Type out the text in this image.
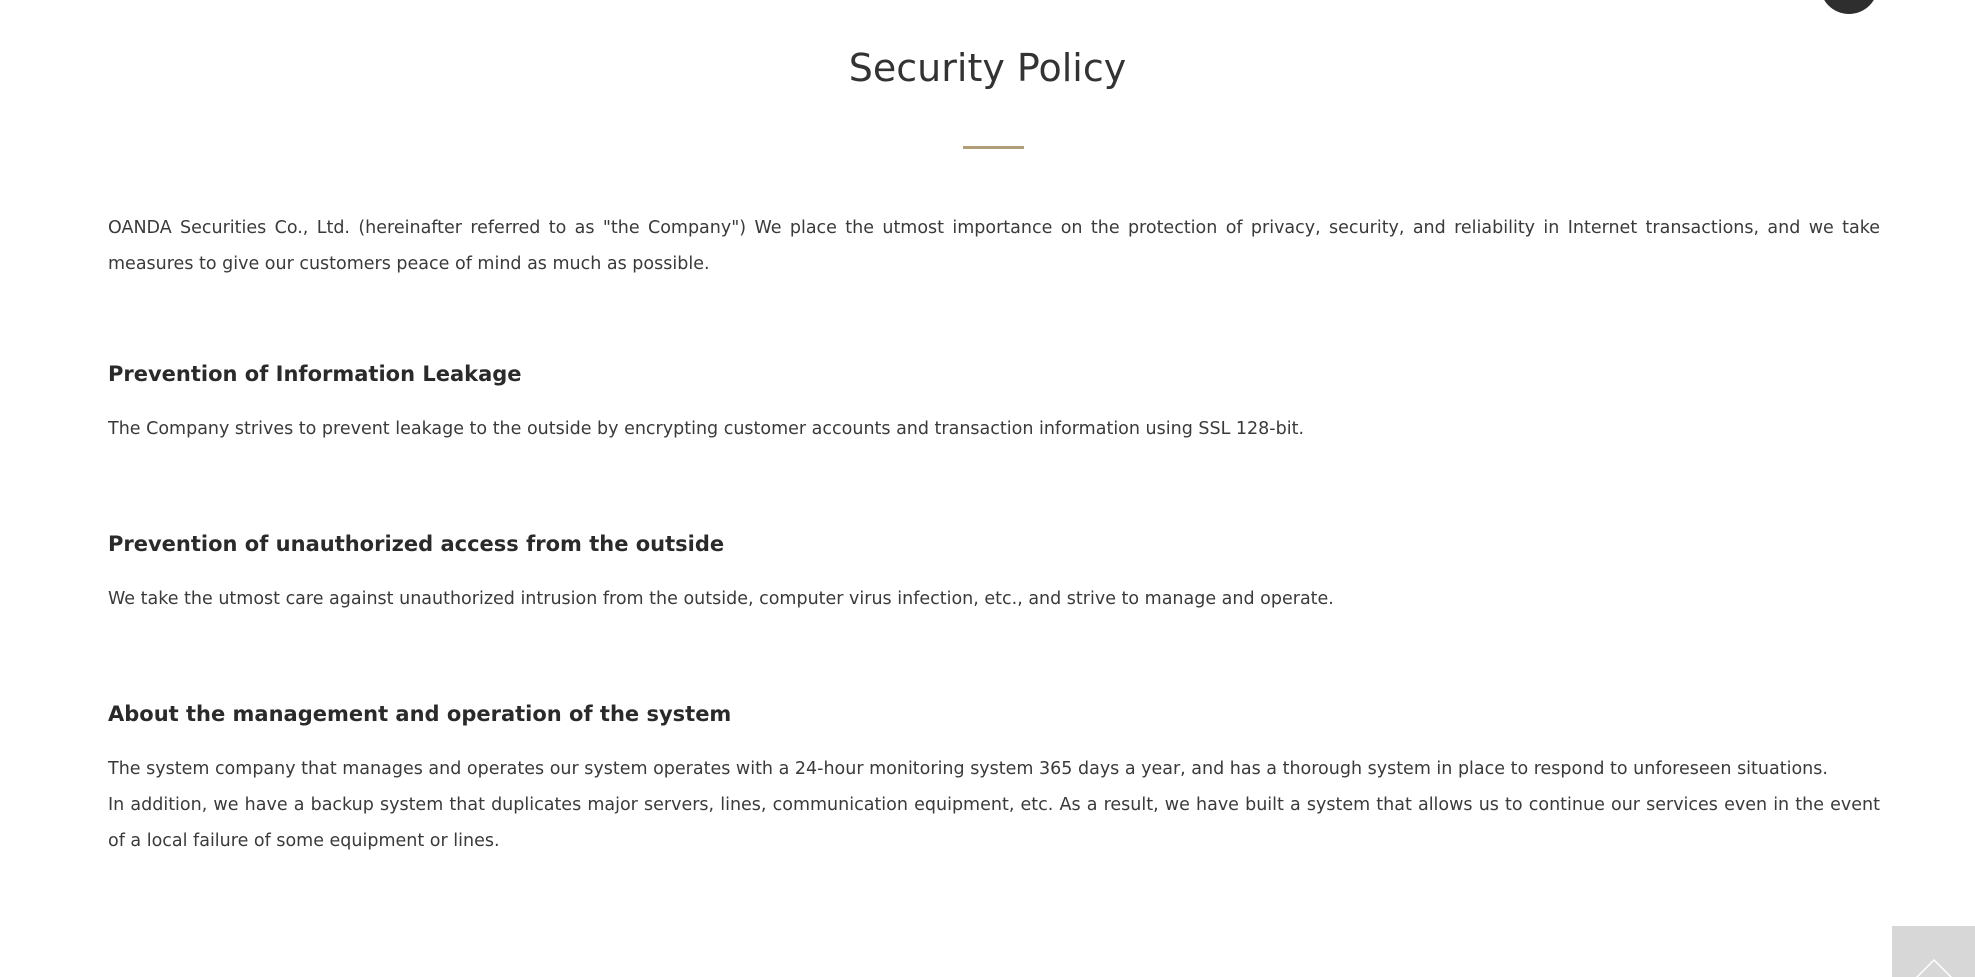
Security Policy

OANDA Securities Co., Ltd. (hereinafter referred to as "the Company") We place the utmost importance on the protection of privacy, security, and reliability in Internet transactions, and we take measures to give our customers peace of mind as much as possible.

Prevention of Information Leakage

The Company strives to prevent leakage to the outside by encrypting customer accounts and transaction information using SSL 128-bit.

Prevention of unauthorized access from the outside

We take the utmost care against unauthorized intrusion from the outside, computer virus infection, etc., and strive to manage and operate.

About the management and operation of the system

The system company that manages and operates our system operates with a 24-hour monitoring system 365 days a year, and has a thorough system in place to respond to unforeseen situations.

In addition, we have a backup system that duplicates major servers, lines, communication equipment, etc. As a result, we have built a system that allows us to continue our services even in the event of a local failure of some equipment or lines.
